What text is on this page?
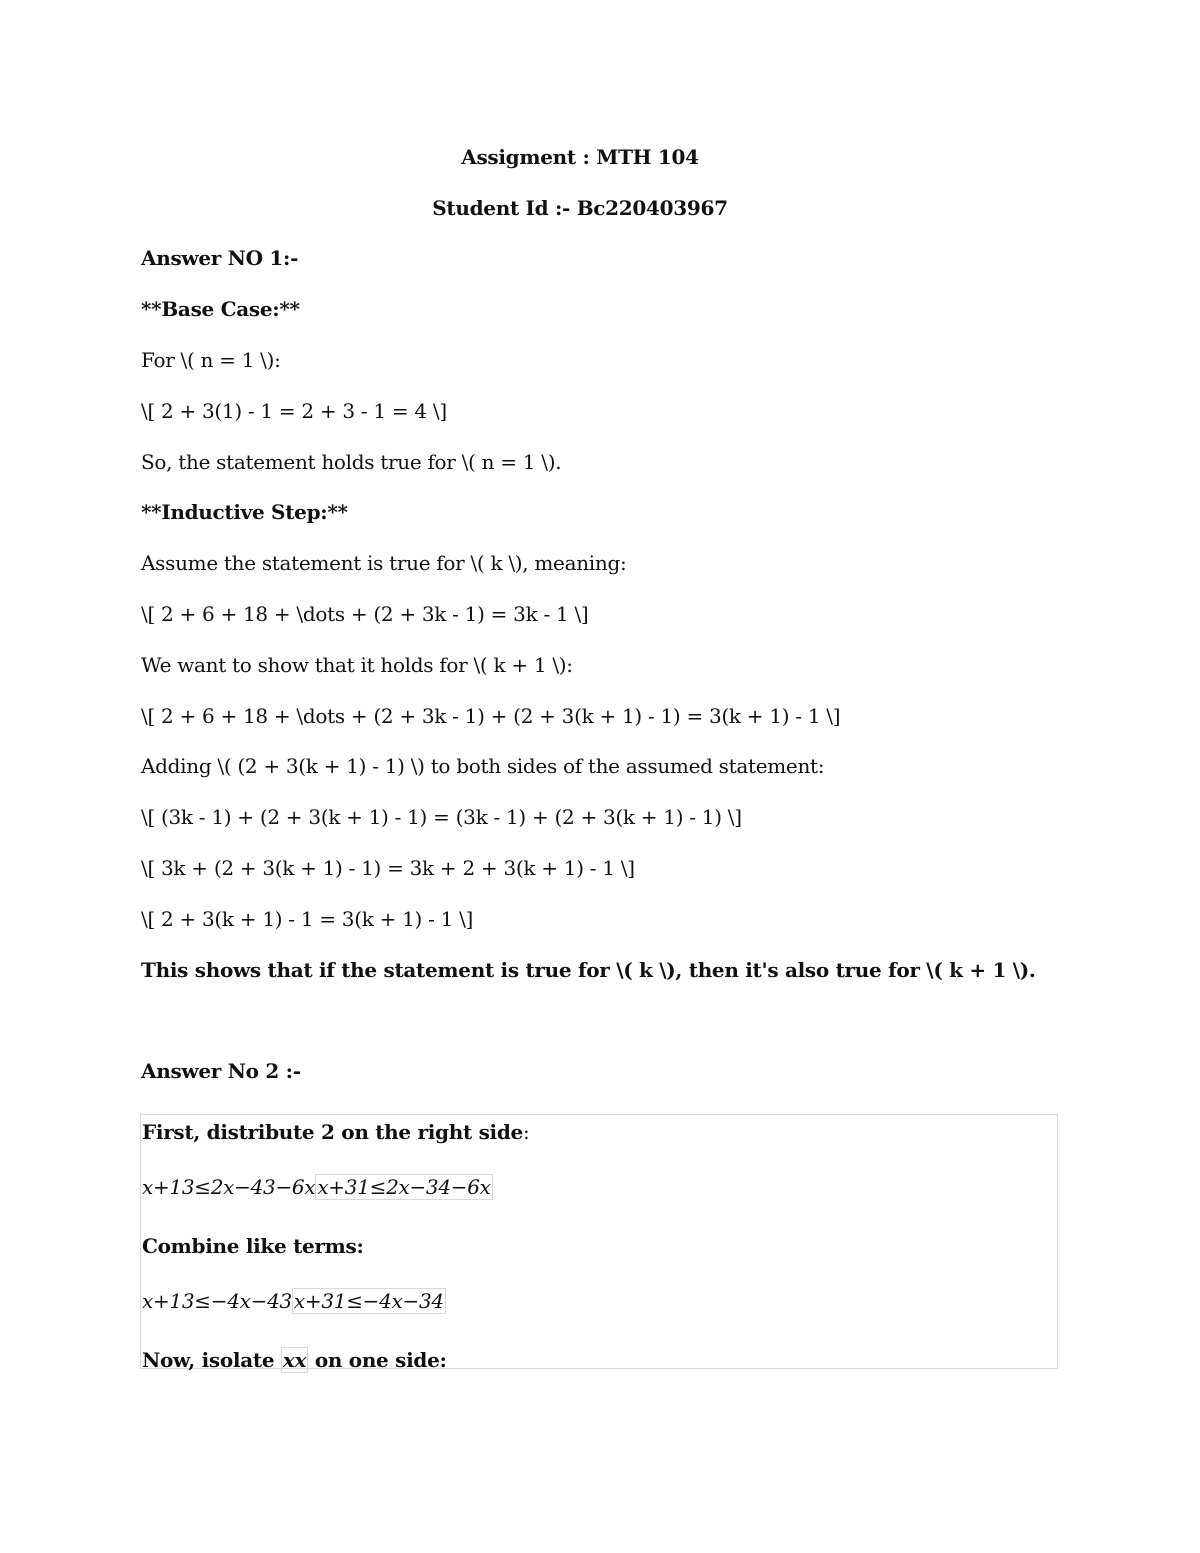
Assigment : MTH 104

Student Id :- Bc220403967

Answer NO 1:-

**Base Case:**

For \( n = 1 \):

\[ 2 + 3(1) - 1 = 2 + 3 - 1 = 4 \]

So, the statement holds true for \( n = 1 \).

**Inductive Step:**

Assume the statement is true for \( k \), meaning:

\[ 2 + 6 + 18 + \dots + (2 + 3k - 1) = 3k - 1 \]

We want to show that it holds for \( k + 1 \):

\[ 2 + 6 + 18 + \dots + (2 + 3k - 1) + (2 + 3(k + 1) - 1) = 3(k + 1) - 1 \]

Adding \( (2 + 3(k + 1) - 1) \) to both sides of the assumed statement:

\[ (3k - 1) + (2 + 3(k + 1) - 1) = (3k - 1) + (2 + 3(k + 1) - 1) \]

\[ 3k + (2 + 3(k + 1) - 1) = 3k + 2 + 3(k + 1) - 1 \]

\[ 2 + 3(k + 1) - 1 = 3(k + 1) - 1 \]

This shows that if the statement is true for \( k \), then it's also true for \( k + 1 \).

Answer No 2 :-

First, distribute 2 on the right side:

x+13≤2x−43−6x x+31≤2x−34−6x

Combine like terms:

x+13≤−4x−43 x+31≤−4x−34

Now, isolate xx on one side:
